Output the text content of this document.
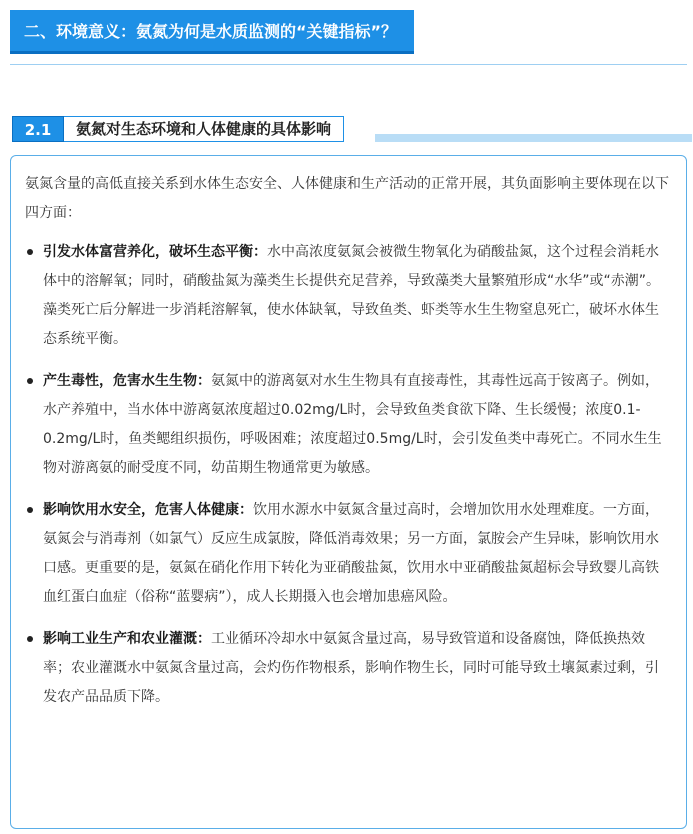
二、环境意义：氨氮为何是水质监测的“关键指标”？
2.1	氨氮对生态环境和人体健康的具体影响

氨氮含量的高低直接关系到水体生态安全、人体健康和生产活动的正常开展，其负面影响主要体现在以下四方面：

引发水体富营养化，破坏生态平衡：水中高浓度氨氮会被微生物氧化为硝酸盐氮，这个过程会消耗水体中的溶解氧；同时，硝酸盐氮为藻类生长提供充足营养，导致藻类大量繁殖形成“水华”或“赤潮”。藻类死亡后分解进一步消耗溶解氧，使水体缺氧，导致鱼类、虾类等水生生物窒息死亡，破坏水体生态系统平衡。
产生毒性，危害水生生物：氨氮中的游离氨对水生生物具有直接毒性，其毒性远高于铵离子。例如，水产养殖中，当水体中游离氨浓度超过0.02mg/L时，会导致鱼类食欲下降、生长缓慢；浓度0.1-0.2mg/L时，鱼类鳃组织损伤，呼吸困难；浓度超过0.5mg/L时，会引发鱼类中毒死亡。不同水生生物对游离氨的耐受度不同，幼苗期生物通常更为敏感。
影响饮用水安全，危害人体健康：饮用水源水中氨氮含量过高时，会增加饮用水处理难度。一方面，氨氮会与消毒剂（如氯气）反应生成氯胺，降低消毒效果；另一方面，氯胺会产生异味，影响饮用水口感。更重要的是，氨氮在硝化作用下转化为亚硝酸盐氮，饮用水中亚硝酸盐氮超标会导致婴儿高铁血红蛋白血症（俗称“蓝婴病”），成人长期摄入也会增加患癌风险。
影响工业生产和农业灌溉：工业循环冷却水中氨氮含量过高，易导致管道和设备腐蚀，降低换热效率；农业灌溉水中氨氮含量过高，会灼伤作物根系，影响作物生长，同时可能导致土壤氮素过剩，引发农产品品质下降。
